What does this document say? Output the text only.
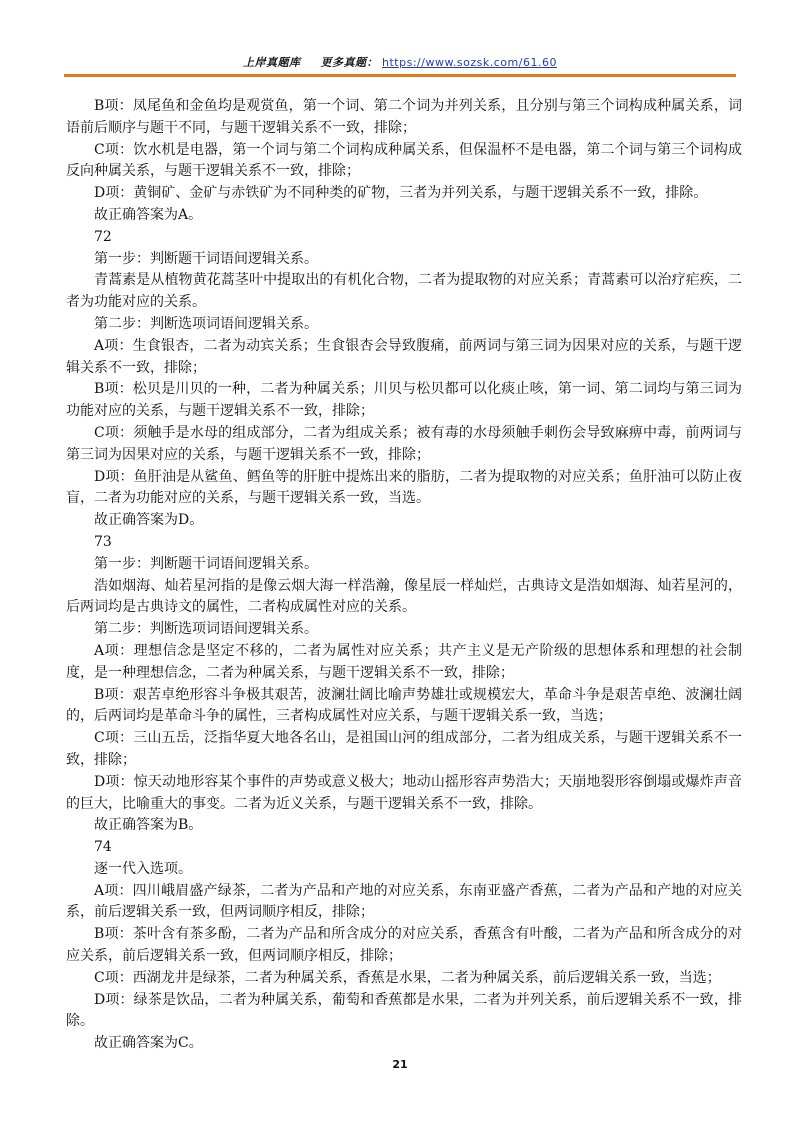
上岸真题库 更多真题： https://www.sozsk.com/61.60

B项：凤尾鱼和金鱼均是观赏鱼，第一个词、第二个词为并列关系，且分别与第三个词构成种属关系，词语前后顺序与题干不同，与题干逻辑关系不一致，排除；

C项：饮水机是电器，第一个词与第二个词构成种属关系，但保温杯不是电器，第二个词与第三个词构成反向种属关系，与题干逻辑关系不一致，排除；

D项：黄铜矿、金矿与赤铁矿为不同种类的矿物，三者为并列关系，与题干逻辑关系不一致，排除。

故正确答案为A。

72

第一步：判断题干词语间逻辑关系。

青蒿素是从植物黄花蒿茎叶中提取出的有机化合物，二者为提取物的对应关系；青蒿素可以治疗疟疾，二者为功能对应的关系。

第二步：判断选项词语间逻辑关系。

A项：生食银杏，二者为动宾关系；生食银杏会导致腹痛，前两词与第三词为因果对应的关系，与题干逻辑关系不一致，排除；

B项：松贝是川贝的一种，二者为种属关系；川贝与松贝都可以化痰止咳，第一词、第二词均与第三词为功能对应的关系，与题干逻辑关系不一致，排除；

C项：须触手是水母的组成部分，二者为组成关系；被有毒的水母须触手刺伤会导致麻痹中毒，前两词与第三词为因果对应的关系，与题干逻辑关系不一致，排除；

D项：鱼肝油是从鲨鱼、鳕鱼等的肝脏中提炼出来的脂肪，二者为提取物的对应关系；鱼肝油可以防止夜盲，二者为功能对应的关系，与题干逻辑关系一致，当选。

故正确答案为D。

73

第一步：判断题干词语间逻辑关系。

浩如烟海、灿若星河指的是像云烟大海一样浩瀚，像星辰一样灿烂，古典诗文是浩如烟海、灿若星河的，后两词均是古典诗文的属性，二者构成属性对应的关系。

第二步：判断选项词语间逻辑关系。

A项：理想信念是坚定不移的，二者为属性对应关系；共产主义是无产阶级的思想体系和理想的社会制度，是一种理想信念，二者为种属关系，与题干逻辑关系不一致，排除；

B项：艰苦卓绝形容斗争极其艰苦，波澜壮阔比喻声势雄壮或规模宏大，革命斗争是艰苦卓绝、波澜壮阔的，后两词均是革命斗争的属性，三者构成属性对应关系，与题干逻辑关系一致，当选；

C项：三山五岳，泛指华夏大地各名山，是祖国山河的组成部分，二者为组成关系，与题干逻辑关系不一致，排除；

D项：惊天动地形容某个事件的声势或意义极大；地动山摇形容声势浩大；天崩地裂形容倒塌或爆炸声音的巨大，比喻重大的事变。二者为近义关系，与题干逻辑关系不一致，排除。

故正确答案为B。

74

逐一代入选项。

A项：四川峨眉盛产绿茶，二者为产品和产地的对应关系，东南亚盛产香蕉，二者为产品和产地的对应关系，前后逻辑关系一致，但两词顺序相反，排除；

B项：茶叶含有茶多酚，二者为产品和所含成分的对应关系，香蕉含有叶酸，二者为产品和所含成分的对应关系，前后逻辑关系一致，但两词顺序相反，排除；

C项：西湖龙井是绿茶，二者为种属关系，香蕉是水果，二者为种属关系，前后逻辑关系一致，当选；

D项：绿茶是饮品，二者为种属关系，葡萄和香蕉都是水果，二者为并列关系，前后逻辑关系不一致，排除。

故正确答案为C。

21
